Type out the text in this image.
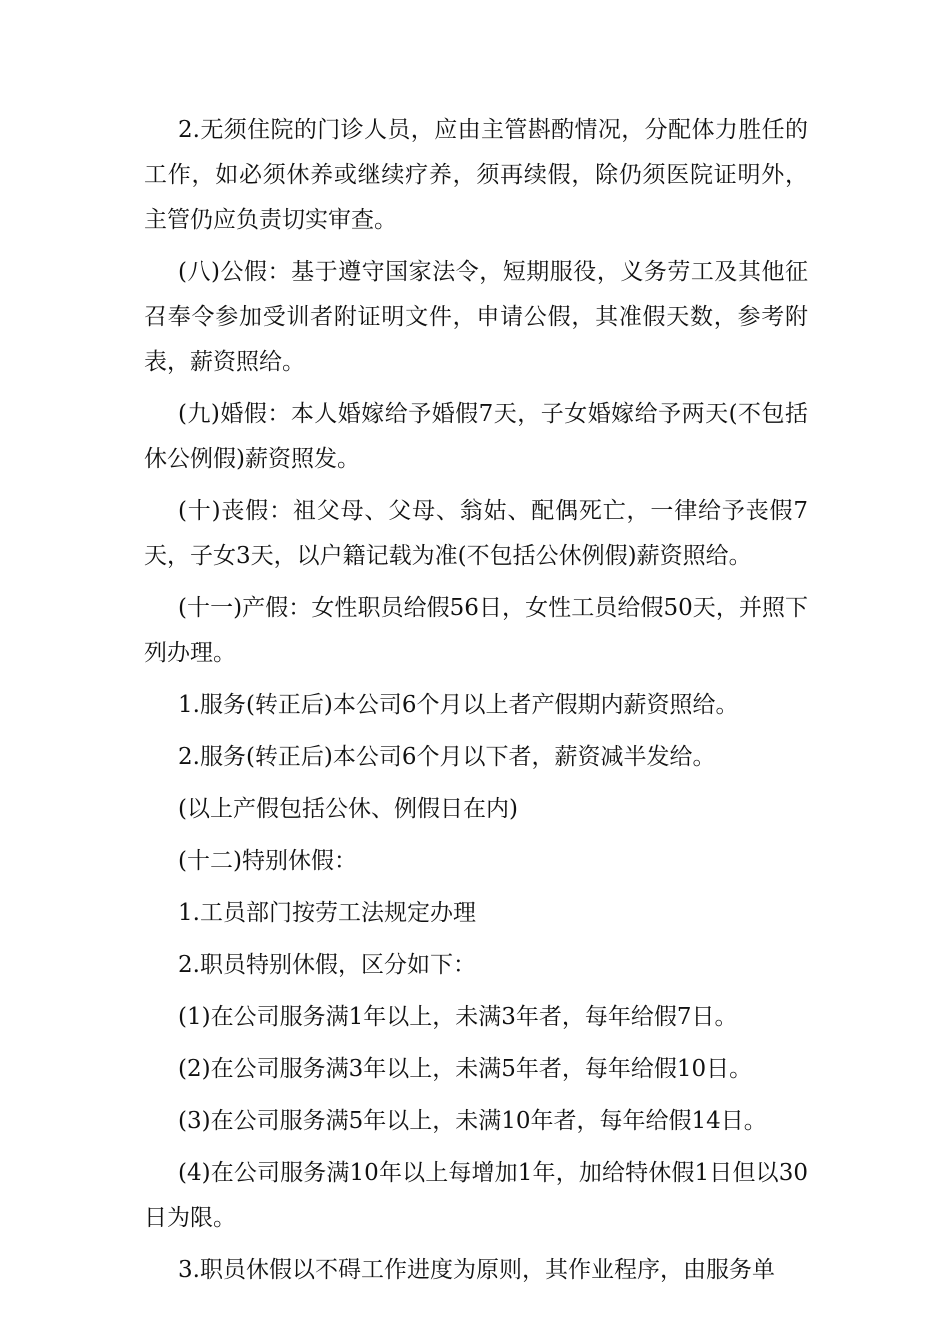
2.无须住院的门诊人员，应由主管斟酌情况，分配体力胜任的工作，如必须休养或继续疗养，须再续假，除仍须医院证明外，主管仍应负责切实审查。

(八)公假：基于遵守国家法令，短期服役，义务劳工及其他征召奉令参加受训者附证明文件，申请公假，其准假天数，参考附表，薪资照给。

(九)婚假：本人婚嫁给予婚假7天，子女婚嫁给予两天(不包括休公例假)薪资照发。

(十)丧假：祖父母、父母、翁姑、配偶死亡，一律给予丧假7天，子女3天，以户籍记载为准(不包括公休例假)薪资照给。

(十一)产假：女性职员给假56日，女性工员给假50天，并照下列办理。

1.服务(转正后)本公司6个月以上者产假期内薪资照给。

2.服务(转正后)本公司6个月以下者，薪资减半发给。

(以上产假包括公休、例假日在内)

(十二)特别休假：

1.工员部门按劳工法规定办理

2.职员特别休假，区分如下：

(1)在公司服务满1年以上，未满3年者，每年给假7日。

(2)在公司服务满3年以上，未满5年者，每年给假10日。

(3)在公司服务满5年以上，未满10年者，每年给假14日。

(4)在公司服务满10年以上每增加1年，加给特休假1日但以30日为限。

3.职员休假以不碍工作进度为原则，其作业程序，由服务单
